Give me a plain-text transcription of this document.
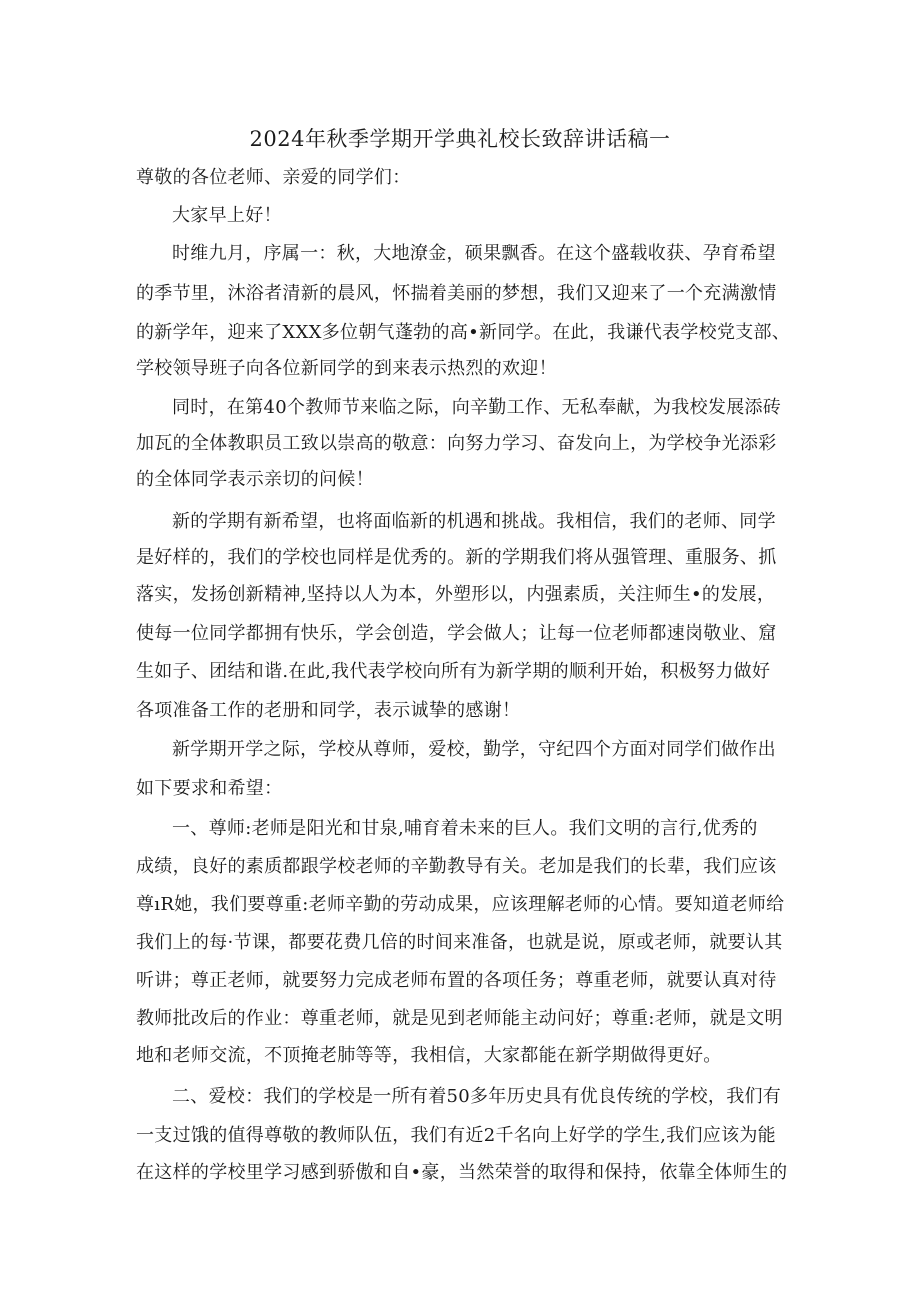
2024年秋季学期开学典礼校长致辞讲话稿一
尊敬的各位老师、亲爱的同学们：
大家早上好！
时维九月，序属一：秋，大地潦金，硕果飘香。在这个盛载收获、孕育希望
的季节里，沐浴者清新的晨风，怀揣着美丽的梦想，我们又迎来了一个充满激情
的新学年，迎来了XXX多位朝气蓬勃的高•新同学。在此，我谦代表学校党支部、
学校领导班子向各位新同学的到来表示热烈的欢迎！
同时，在第40个教师节来临之际，向辛勤工作、无私奉献，为我校发展添砖
加瓦的全体教职员工致以崇高的敬意：向努力学习、奋发向上，为学校争光添彩
的全体同学表示亲切的问候！
新的学期有新希望，也将面临新的机遇和挑战。我相信，我们的老师、同学
是好样的，我们的学校也同样是优秀的。新的学期我们将从强管理、重服务、抓
落实，发扬创新精神,坚持以人为本，外塑形以，内强素质，关注师生•的发展，
使每一位同学都拥有快乐，学会创造，学会做人；让每一位老师都速岗敬业、窟
生如子、团结和谐.在此,我代表学校向所有为新学期的顺利开始，积极努力做好
各项准备工作的老册和同学，表示诚挚的感谢！
新学期开学之际，学校从尊师，爱校，勤学，守纪四个方面对同学们做作出
如下要求和希望：
一、尊师:老师是阳光和甘泉,哺育着未来的巨人。我们文明的言行,优秀的
成绩，良好的素质都跟学校老师的辛勤教导有关。老加是我们的长辈，我们应该
尊ıR她，我们要尊重:老师辛勤的劳动成果，应该理解老师的心情。要知道老师给
我们上的每·节课，都要花费几倍的时间来准备，也就是说，原或老师，就要认其
听讲；尊正老师，就要努力完成老师布置的各项任务；尊重老师，就要认真对待
教师批改后的作业：尊重老师，就是见到老师能主动问好；尊重:老师，就是文明
地和老师交流，不顶掩老肺等等，我相信，大家都能在新学期做得更好。
二、爱校：我们的学校是一所有着50多年历史具有优良传统的学校，我们有
一支过饿的值得尊敬的教师队伍，我们有近2千名向上好学的学生,我们应该为能
在这样的学校里学习感到骄傲和自•豪，当然荣誉的取得和保持，依靠全体师生的
